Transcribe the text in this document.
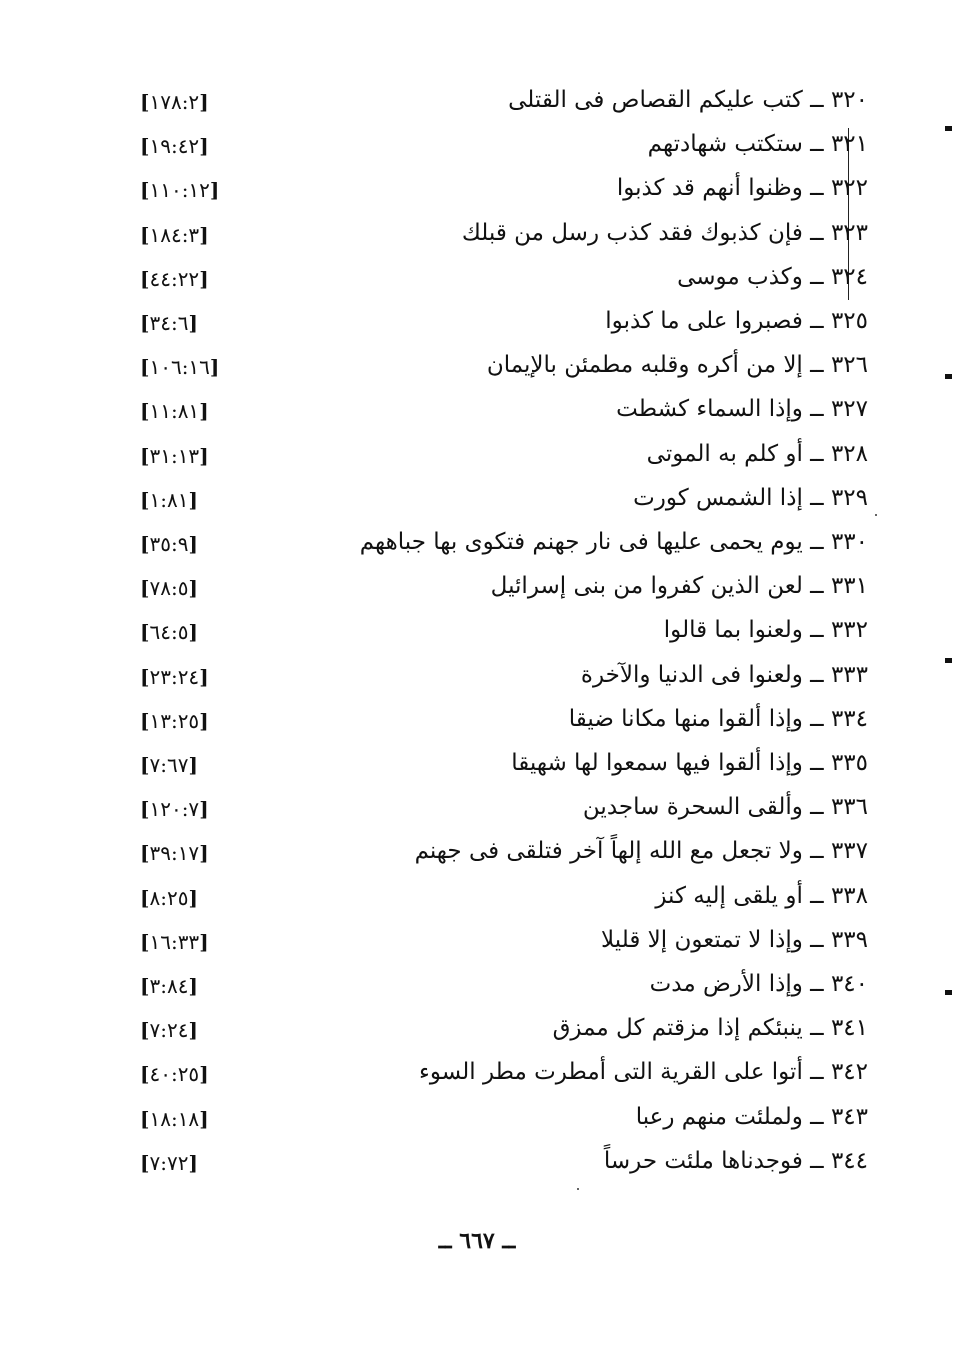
٣٢٠ ــ كتب عليكم القصاص فى القتلى
[١٧٨:٢]
٣٢١ ــ ستكتب شهادتهم
[١٩:٤٢]
٣٢٢ ــ وظنوا أنهم قد كذبوا
[١١٠:١٢]
٣٢٣ ــ فإن كذبوك فقد كذب رسل من قبلك
[١٨٤:٣]
٣٢٤ ــ وكذب موسى
[٤٤:٢٢]
٣٢٥ ــ فصبروا على ما كذبوا
[٣٤:٦]
٣٢٦ ــ إلا من أكره وقلبه مطمئن بالإيمان
[١٠٦:١٦]
٣٢٧ ــ وإذا السماء كشطت
[١١:٨١]
٣٢٨ ــ أو كلم به الموتى
[٣١:١٣]
٣٢٩ ــ إذا الشمس كورت
[١:٨١]
٣٣٠ ــ يوم يحمى عليها فى نار جهنم فتكوى بها جباههم
[٣٥:٩]
٣٣١ ــ لعن الذين كفروا من بنى إسرائيل
[٧٨:٥]
٣٣٢ ــ ولعنوا بما قالوا
[٦٤:٥]
٣٣٣ ــ ولعنوا فى الدنيا والآخرة
[٢٣:٢٤]
٣٣٤ ــ وإذا ألقوا منها مكانا ضيقا
[١٣:٢٥]
٣٣٥ ــ وإذا ألقوا فيها سمعوا لها شهيقا
[٧:٦٧]
٣٣٦ ــ وألقى السحرة ساجدين
[١٢٠:٧]
٣٣٧ ــ ولا تجعل مع الله إلهاً آخر فتلقى فى جهنم
[٣٩:١٧]
٣٣٨ ــ أو يلقى إليه كنز
[٨:٢٥]
٣٣٩ ــ وإذا لا تمتعون إلا قليلا
[١٦:٣٣]
٣٤٠ ــ وإذا الأرض مدت
[٣:٨٤]
٣٤١ ــ ينبئكم إذا مزقتم كل ممزق
[٧:٢٤]
٣٤٢ ــ أتوا على القرية التى أمطرت مطر السوء
[٤٠:٢٥]
٣٤٣ ــ ولملئت منهم رعبا
[١٨:١٨]
٣٤٤ ــ فوجدناها ملئت حرساً
[٧:٧٢]
ــ ٦٦٧ ــ
